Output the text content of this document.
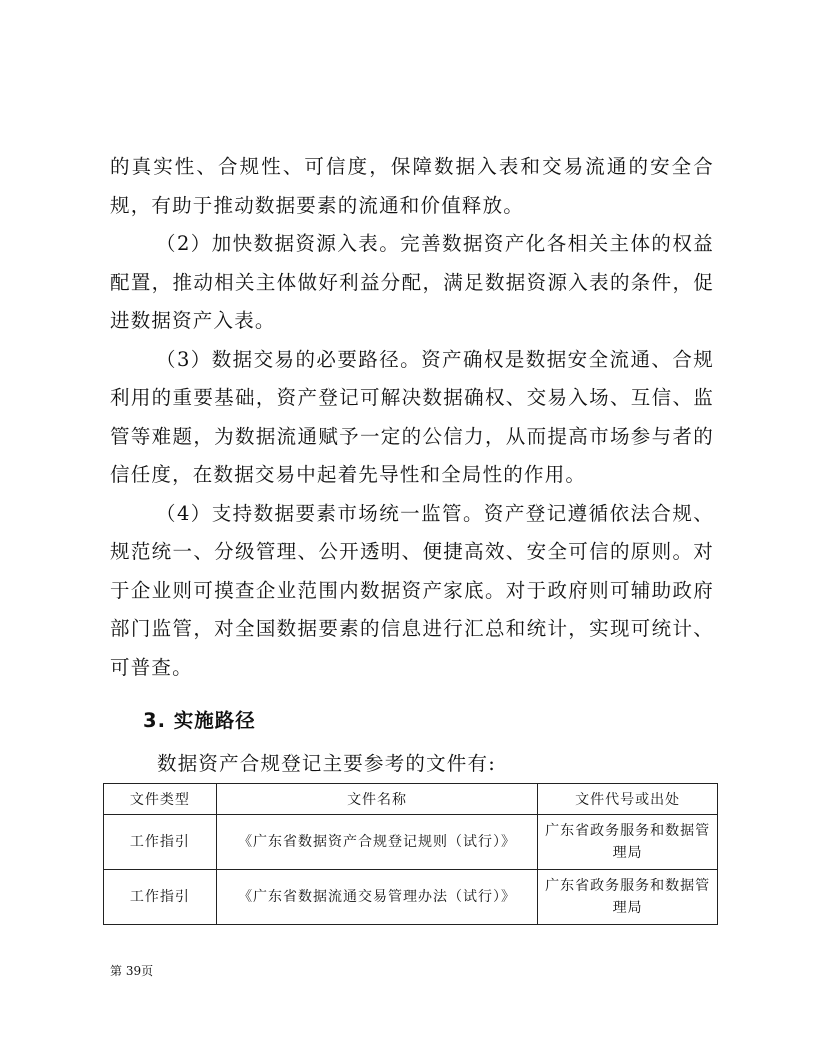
的真实性、合规性、可信度，保障数据入表和交易流通的安全合规，有助于推动数据要素的流通和价值释放。

（2）加快数据资源入表。完善数据资产化各相关主体的权益配置，推动相关主体做好利益分配，满足数据资源入表的条件，促进数据资产入表。

（3）数据交易的必要路径。资产确权是数据安全流通、合规利用的重要基础，资产登记可解决数据确权、交易入场、互信、监管等难题，为数据流通赋予一定的公信力，从而提高市场参与者的信任度，在数据交易中起着先导性和全局性的作用。

（4）支持数据要素市场统一监管。资产登记遵循依法合规、规范统一、分级管理、公开透明、便捷高效、安全可信的原则。对于企业则可摸查企业范围内数据资产家底。对于政府则可辅助政府部门监管，对全国数据要素的信息进行汇总和统计，实现可统计、可普查。

3. 实施路径
数据资产合规登记主要参考的文件有:
文件类型	文件名称	文件代号或出处
工作指引	《广东省数据资产合规登记规则（试行）》	广东省政务服务和数据管理局
工作指引	《广东省数据流通交易管理办法（试行）》	广东省政务服务和数据管理局
第 39页
